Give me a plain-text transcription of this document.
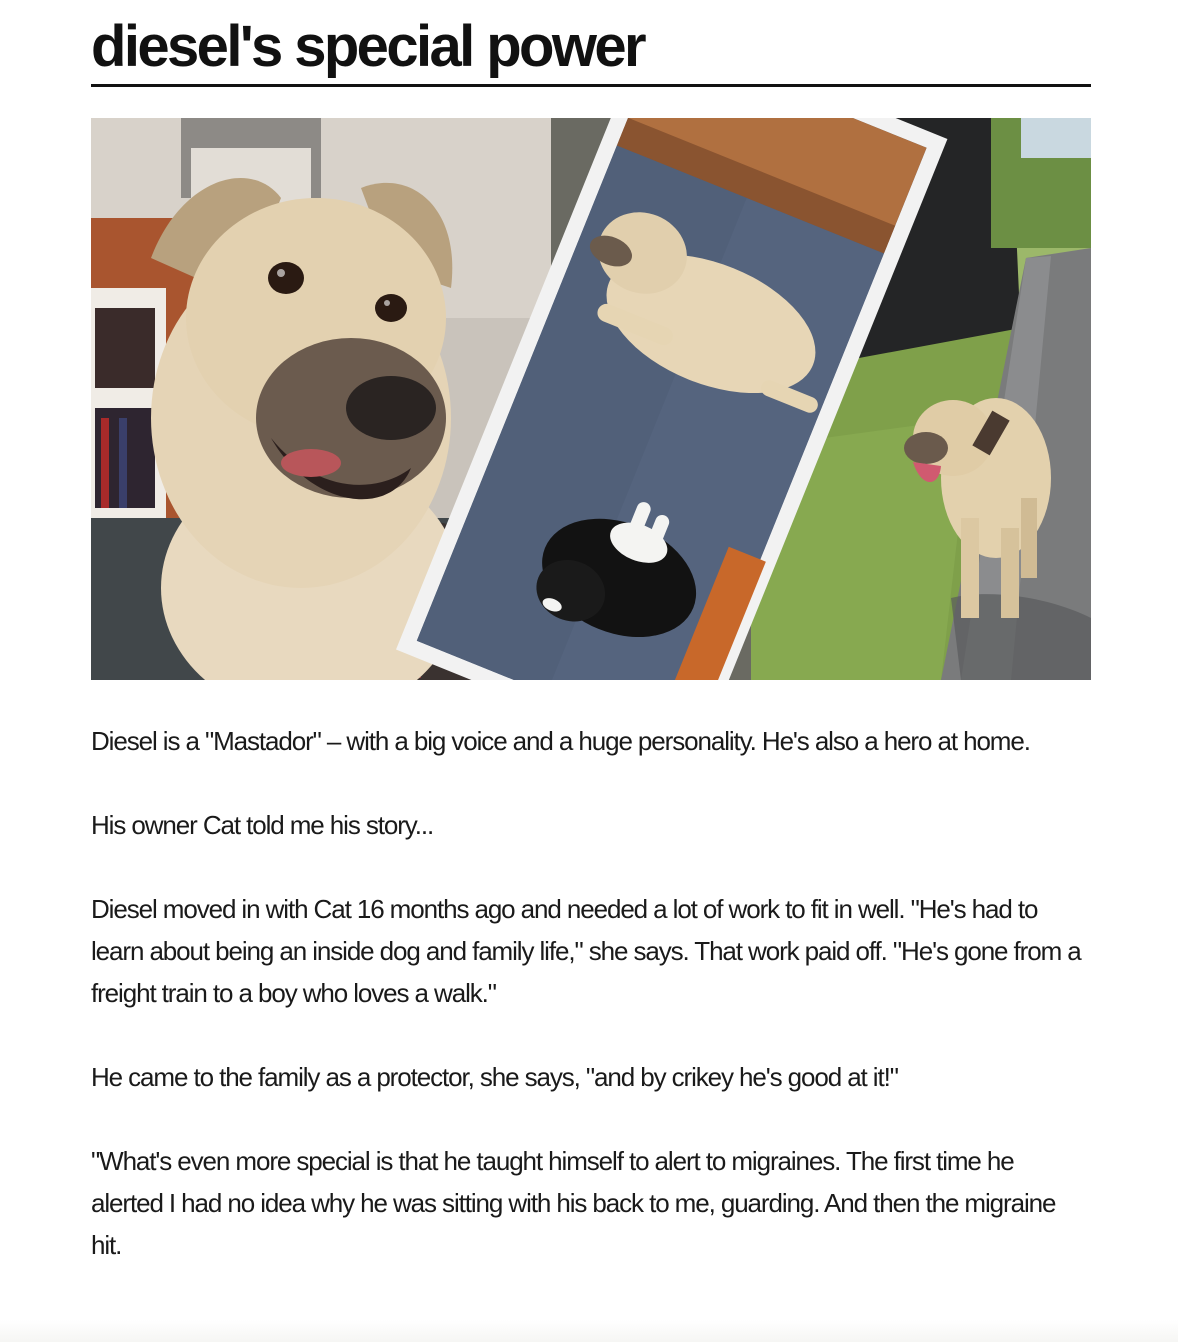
diesel's special power

Diesel is a "Mastador" – with a big voice and a huge personality. He's also a hero at home.

His owner Cat told me his story...

Diesel moved in with Cat 16 months ago and needed a lot of work to fit in well. "He's had to learn about being an inside dog and family life," she says. That work paid off. "He's gone from a freight train to a boy who loves a walk."

He came to the family as a protector, she says, "and by crikey he's good at it!"

"What's even more special is that he taught himself to alert to migraines. The first time he alerted I had no idea why he was sitting with his back to me, guarding. And then the migraine hit.
